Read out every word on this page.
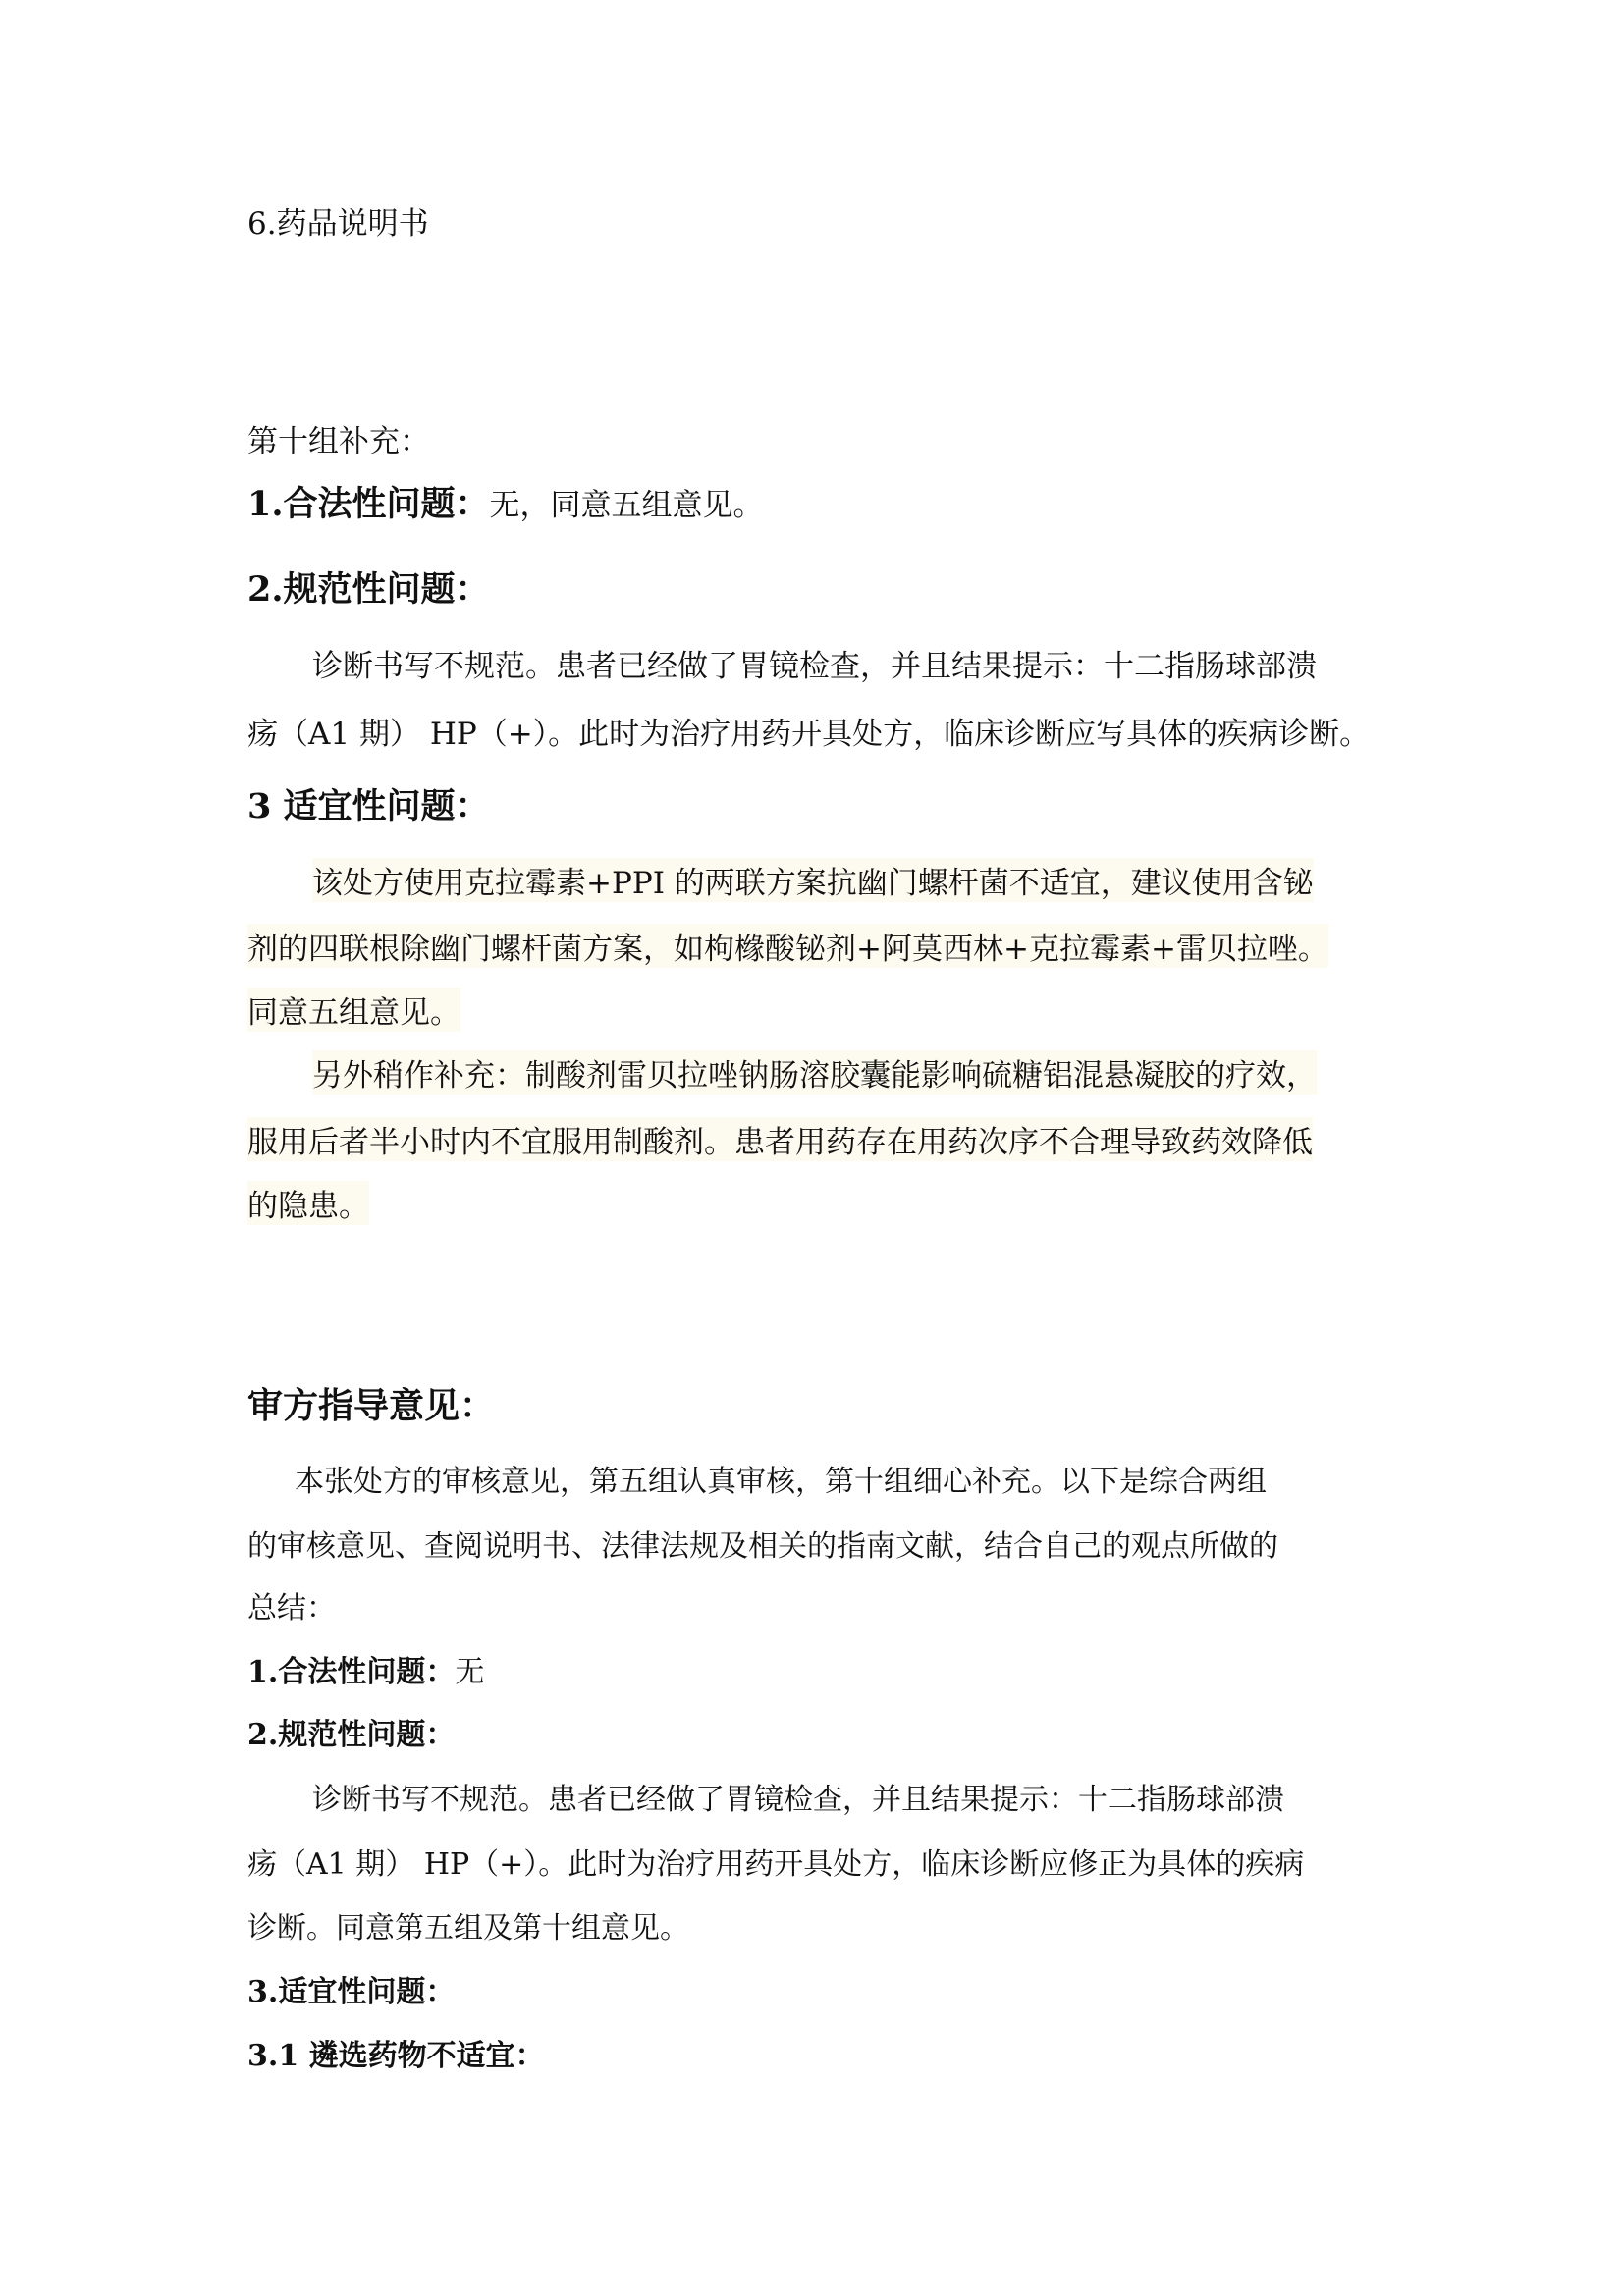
6.药品说明书
第十组补充：
1.合法性问题：无，同意五组意见。
2.规范性问题：
诊断书写不规范。患者已经做了胃镜检查，并且结果提示：十二指肠球部溃
疡（A1 期） HP（+）。此时为治疗用药开具处方，临床诊断应写具体的疾病诊断。
3 适宜性问题：
该处方使用克拉霉素+PPI 的两联方案抗幽门螺杆菌不适宜，建议使用含铋
剂的四联根除幽门螺杆菌方案，如枸橼酸铋剂+阿莫西林+克拉霉素+雷贝拉唑。
同意五组意见。
另外稍作补充：制酸剂雷贝拉唑钠肠溶胶囊能影响硫糖铝混悬凝胶的疗效，
服用后者半小时内不宜服用制酸剂。患者用药存在用药次序不合理导致药效降低
的隐患。
审方指导意见：
本张处方的审核意见，第五组认真审核，第十组细心补充。以下是综合两组
的审核意见、查阅说明书、法律法规及相关的指南文献，结合自己的观点所做的
总结：
1.合法性问题：无
2.规范性问题：
诊断书写不规范。患者已经做了胃镜检查，并且结果提示：十二指肠球部溃
疡（A1 期） HP（+）。此时为治疗用药开具处方，临床诊断应修正为具体的疾病
诊断。同意第五组及第十组意见。
3.适宜性问题：
3.1 遴选药物不适宜：
